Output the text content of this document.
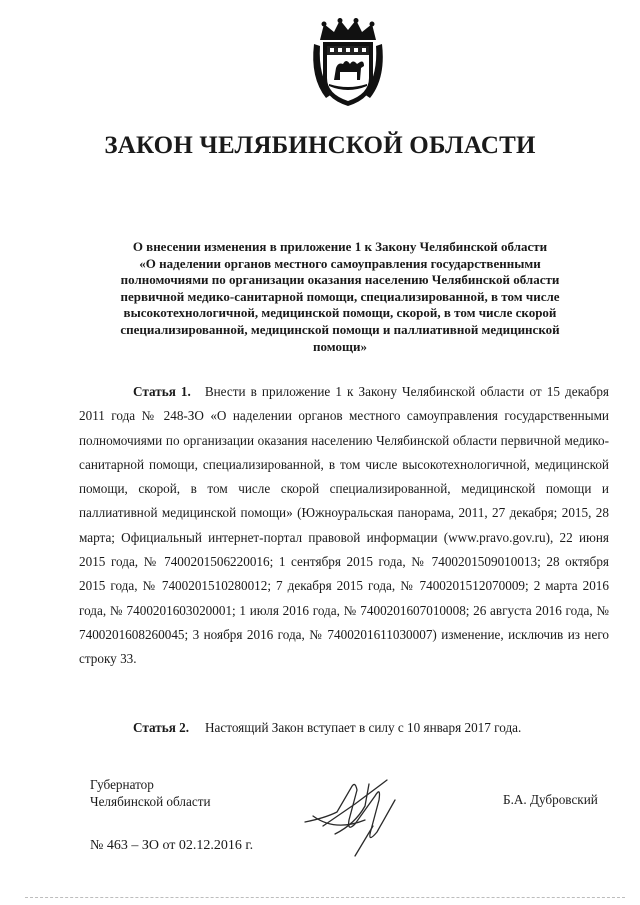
ЗАКОН ЧЕЛЯБИНСКОЙ ОБЛАСТИ
О внесении изменения в приложение 1 к Закону Челябинской области
«О наделении органов местного самоуправления государственными
полномочиями по организации оказания населению Челябинской области
первичной медико-санитарной помощи, специализированной, в том числе
высокотехнологичной, медицинской помощи, скорой, в том числе скорой
специализированной, медицинской помощи и паллиативной медицинской
помощи»
Статья 1. Внести в приложение 1 к Закону Челябинской области от 15 декабря 2011 года № 248-ЗО «О наделении органов местного самоуправления государственными полномочиями по организации оказания населению Челябинской области первичной медико-санитарной помощи, специализированной, в том числе высокотехнологичной, медицинской помощи, скорой, в том числе скорой специализированной, медицинской помощи и паллиативной медицинской помощи» (Южноуральская панорама, 2011, 27 декабря; 2015, 28 марта; Официальный интернет-портал правовой информации (www.pravo.gov.ru), 22 июня 2015 года, № 7400201506220016; 1 сентября 2015 года, № 7400201509010013; 28 октября 2015 года, № 7400201510280012; 7 декабря 2015 года, № 7400201512070009; 2 марта 2016 года, № 7400201603020001; 1 июля 2016 года, № 7400201607010008; 26 августа 2016 года, № 7400201608260045; 3 ноября 2016 года, № 7400201611030007) изменение, исключив из него строку 33.
Статья 2. Настоящий Закон вступает в силу с 10 января 2017 года.
Губернатор
Челябинской области	Б.А. Дубровский
№ 463 – ЗО от 02.12.2016 г.
